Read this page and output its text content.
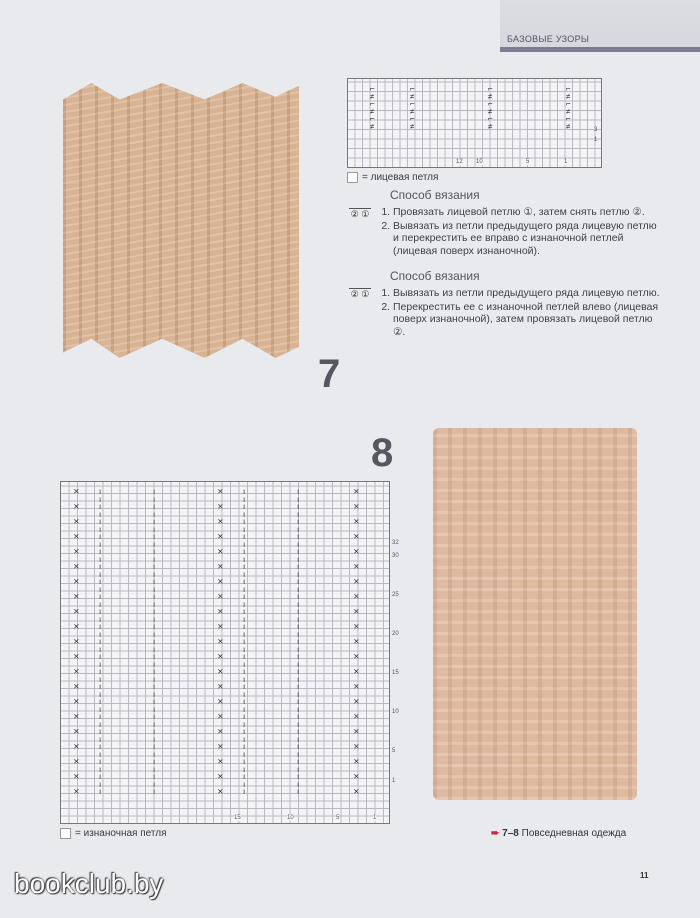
БАЗОВЫЕ УЗОРЫ
⌐
≠
⌐
≠
⌐
≠
⌐
≠
⌐
≠
⌐
≠
⌐
≠
⌐
≠
⌐
≠
⌐
≠
⌐
≠
⌐
≠	3
1
12 10	5	1
= лицевая петля
Способ вязания
② ① 1. Провязать лицевой петлю ①, затем снять петлю ②.
2. Вывязать из петли предыдущего ряда лицевую петлю и перекрестить ее вправо с изнаночной петлей (лицевая поверх изнаночной).
Способ вязания
② ① 1. Вывязать из петли предыдущего ряда лицевую петлю.
2. Перекрестить ее с изнаночной петлей влево (лицевая поверх изнаночной), затем провязать лицевой петлю ②.
7
8
⨯

⨯

⨯

⨯

⨯

⨯

⨯

⨯

⨯

⨯

⨯

⨯

⨯

⨯

⨯

⨯

⨯

⨯

⨯

⨯

⨯
⨯

⨯

⨯

⨯

⨯

⨯

⨯

⨯

⨯

⨯

⨯

⨯

⨯

⨯

⨯

⨯

⨯

⨯

⨯

⨯

⨯
⨯

⨯

⨯

⨯

⨯

⨯

⨯

⨯

⨯

⨯

⨯

⨯

⨯

⨯

⨯

⨯

⨯

⨯

⨯

⨯

⨯
ı
ı
ı
ı
ı
ı
ı
ı
ı
ı
ı
ı
ı
ı
ı
ı
ı
ı
ı
ı
ı
ı
ı
ı
ı
ı
ı
ı
ı
ı
ı
ı
ı
ı
ı
ı
ı
ı
ı
ı
ı
ı
ı
ı
ı
ı
ı
ı
ı
ı
ı
ı
ı
ı
ı
ı
ı
ı
ı
ı
ı
ı
ı
ı
ı
ı
ı
ı
ı
ı
ı
ı
ı
ı
ı
ı
ı
ı
ı
ı
ı
ı
ı
ı
ı
ı
ı
ı
ı
ı
ı
ı
ı
ı
ı
ı
ı
ı
ı
ı
ı
ı
ı
ı
ı
ı
ı
ı
ı
ı
ı
ı
ı
ı
ı
ı
ı
ı
ı
ı
ı
ı
ı
ı
ı
ı
ı
ı
ı
ı
ı
ı
ı
ı
ı
ı
ı
ı
ı
ı
ı
ı
ı
ı
ı
ı
ı
ı
ı
ı
ı
ı
ı
ı
ı
ı
ı
ı
ı
ı
ı
ı
ı
ı
32
30
25
20
15
10
5
1
15	10	5	1
= изнаночная петля	➨ 7–8 Повседневная одежда
11
bookclub.by
